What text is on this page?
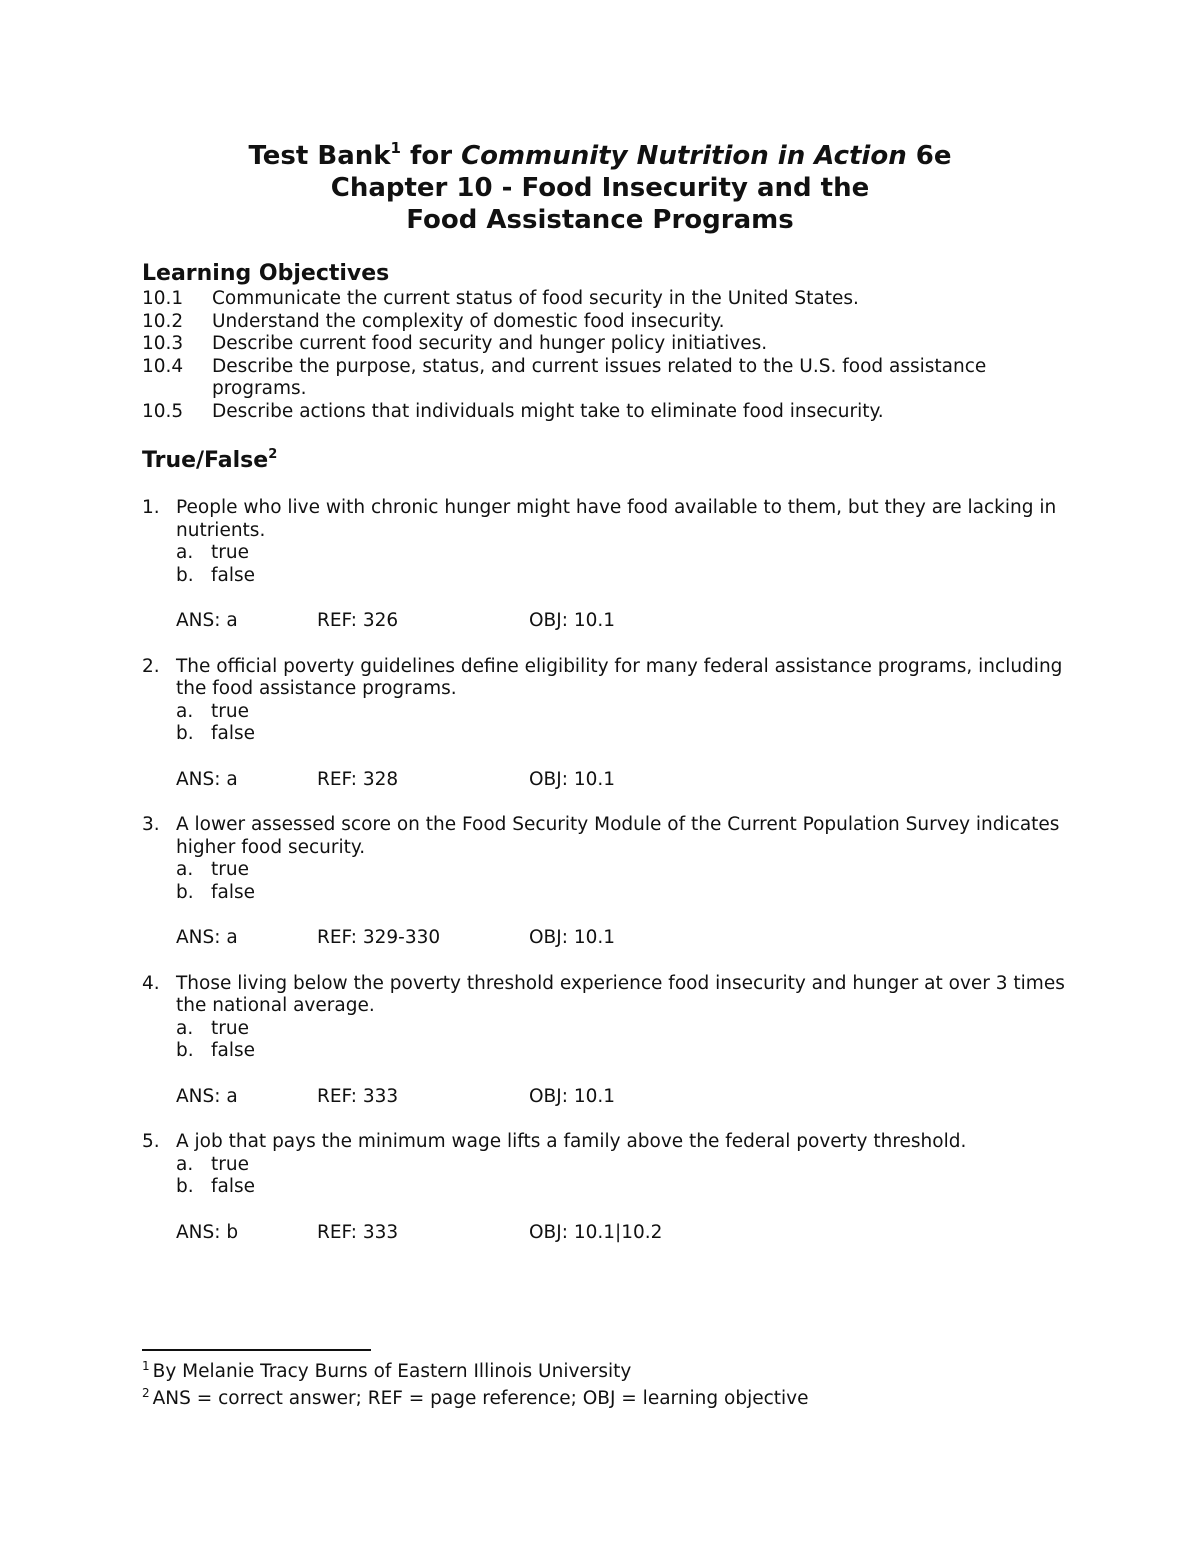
Test Bank$^1$ for Community Nutrition in Action 6e
Chapter 10 - Food Insecurity and the
Food Assistance Programs
Learning Objectives
10.1	Communicate the current status of food security in the United States.
10.2	Understand the complexity of domestic food insecurity.
10.3	Describe current food security and hunger policy initiatives.
10.4	Describe the purpose, status, and current issues related to the U.S. food assistance programs.
10.5	Describe actions that individuals might take to eliminate food insecurity.
True/False$^2$
1. People who live with chronic hunger might have food available to them, but they are lacking in nutrients.
a. true
b. false
ANS: a	REF: 326	OBJ: 10.1
2. The official poverty guidelines define eligibility for many federal assistance programs, including the food assistance programs.
a. true
b. false
ANS: a	REF: 328	OBJ: 10.1
3. A lower assessed score on the Food Security Module of the Current Population Survey indicates higher food security.
a. true
b. false
ANS: a	REF: 329-330	OBJ: 10.1
4. Those living below the poverty threshold experience food insecurity and hunger at over 3 times the national average.
a. true
b. false
ANS: a	REF: 333	OBJ: 10.1
5. A job that pays the minimum wage lifts a family above the federal poverty threshold.
a. true
b. false
ANS: b	REF: 333	OBJ: 10.1|10.2
$^1$ By Melanie Tracy Burns of Eastern Illinois University
$^2$ ANS = correct answer; REF = page reference; OBJ = learning objective
